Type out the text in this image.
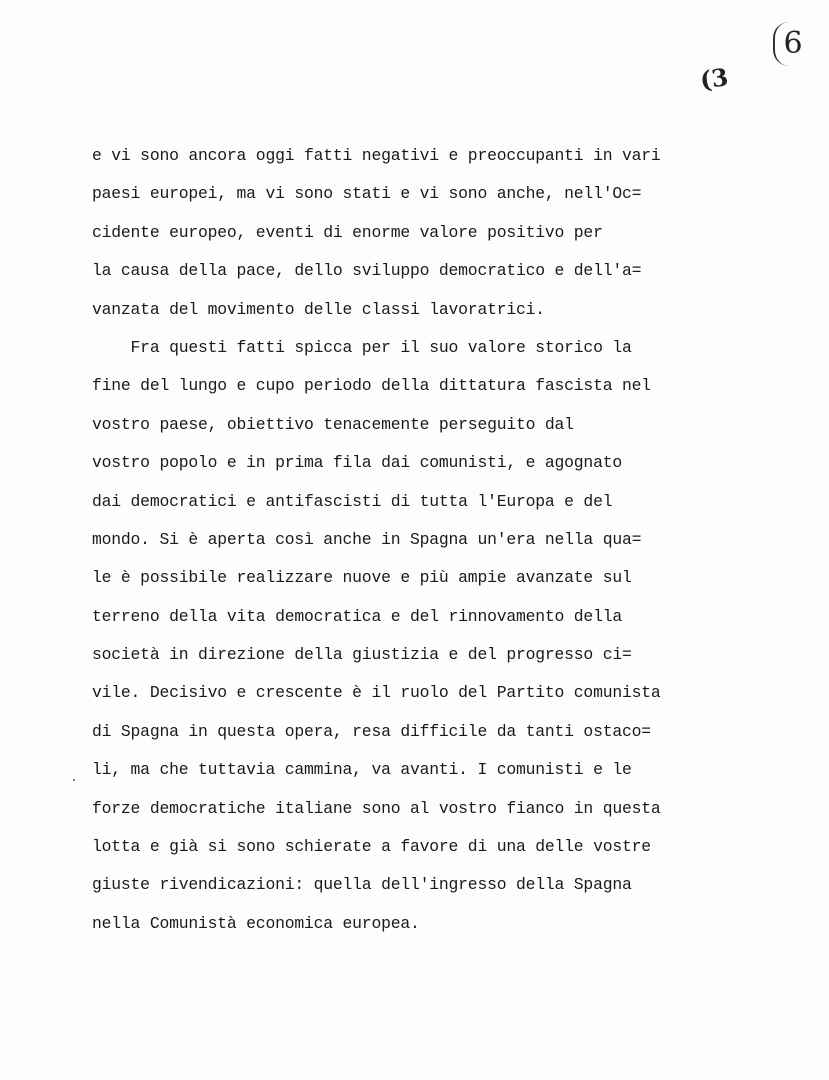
6
(3
e vi sono ancora oggi fatti negativi e preoccupanti in vari
paesi europei, ma vi sono stati e vi sono anche, nell'Oc=
cidente europeo, eventi di enorme valore positivo per
la causa della pace, dello sviluppo democratico e dell'a=
vanzata del movimento delle classi lavoratrici.
Fra questi fatti spicca per il suo valore storico la
fine del lungo e cupo periodo della dittatura fascista nel
vostro paese, obiettivo tenacemente perseguito dal
vostro popolo e in prima fila dai comunisti, e agognato
dai democratici e antifascisti di tutta l'Europa e del
mondo. Si è aperta così anche in Spagna un'era nella qua=
le è possibile realizzare nuove e più ampie avanzate sul
terreno della vita democratica e del rinnovamento della
società in direzione della giustizia e del progresso ci=
vile. Decisivo e crescente è il ruolo del Partito comunista
di Spagna in questa opera, resa difficile da tanti ostaco=
li, ma che tuttavia cammina, va avanti. I comunisti e le
forze democratiche italiane sono al vostro fianco in questa
lotta e già si sono schierate a favore di una delle vostre
giuste rivendicazioni: quella dell'ingresso della Spagna
nella Comunistà economica europea.
